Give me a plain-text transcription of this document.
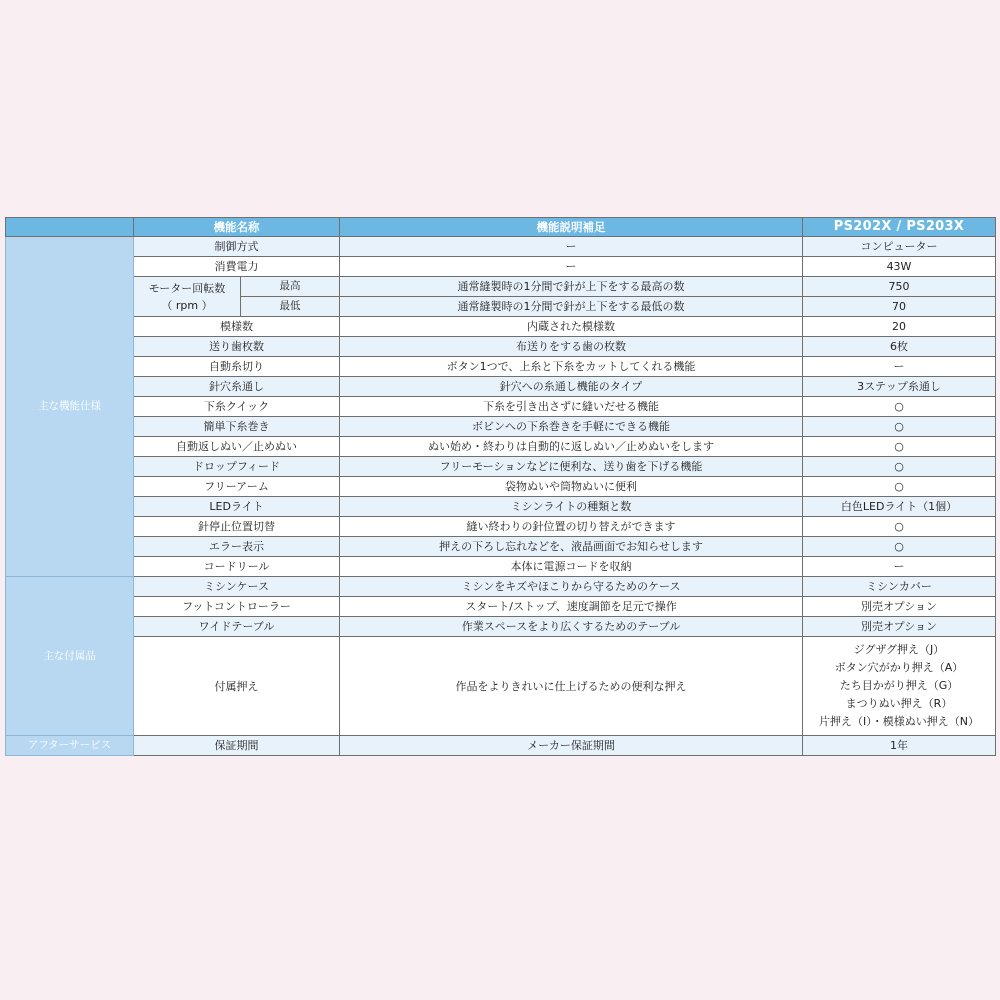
	機能名称		機能説明補足	PS202X / PS203X
主な機能仕様	制御方式		ー	コンピューター
	消費電力		ー	43W

	モーター回転数
（ rpm ）	最高	通常縫製時の1分間で針が上下をする最高の数	750
		最低	通常縫製時の1分間で針が上下をする最低の数	70
	模様数		内蔵された模様数	20
	送り歯枚数		布送りをする歯の枚数	6枚
	自動糸切り		ボタン1つで、上糸と下糸をカットしてくれる機能	ー
	針穴糸通し		針穴への糸通し機能のタイプ	3ステップ糸通し
	下糸クイック		下糸を引き出さずに縫いだせる機能	○
	簡単下糸巻き		ボビンへの下糸巻きを手軽にできる機能	○
	自動返しぬい／止めぬい		ぬい始め・終わりは自動的に返しぬい／止めぬいをします	○
	ドロップフィード		フリーモーションなどに便利な、送り歯を下げる機能	○
	フリーアーム		袋物ぬいや筒物ぬいに便利	○
	LEDライト		ミシンライトの種類と数	白色LEDライト（1個）
	針停止位置切替		縫い終わりの針位置の切り替えができます	○
	エラー表示		押えの下ろし忘れなどを、液晶画面でお知らせします	○
	コードリール		本体に電源コードを収納	ー
主な付属品	ミシンケース		ミシンをキズやほこりから守るためのケース	ミシンカバー
	フットコントローラー		スタート/ストップ、速度調節を足元で操作	別売オプション
	ワイドテーブル		作業スペースをより広くするためのテーブル	別売オプション
	付属押え		作品をよりきれいに仕上げるための便利な押え	ジグザグ押え（J）
ボタン穴がかり押え（A）
たち目かがり押え（G）
まつりぬい押え（R）
片押え（I）・模様ぬい押え（N）

アフターサービス	保証期間		メーカー保証期間	1年
